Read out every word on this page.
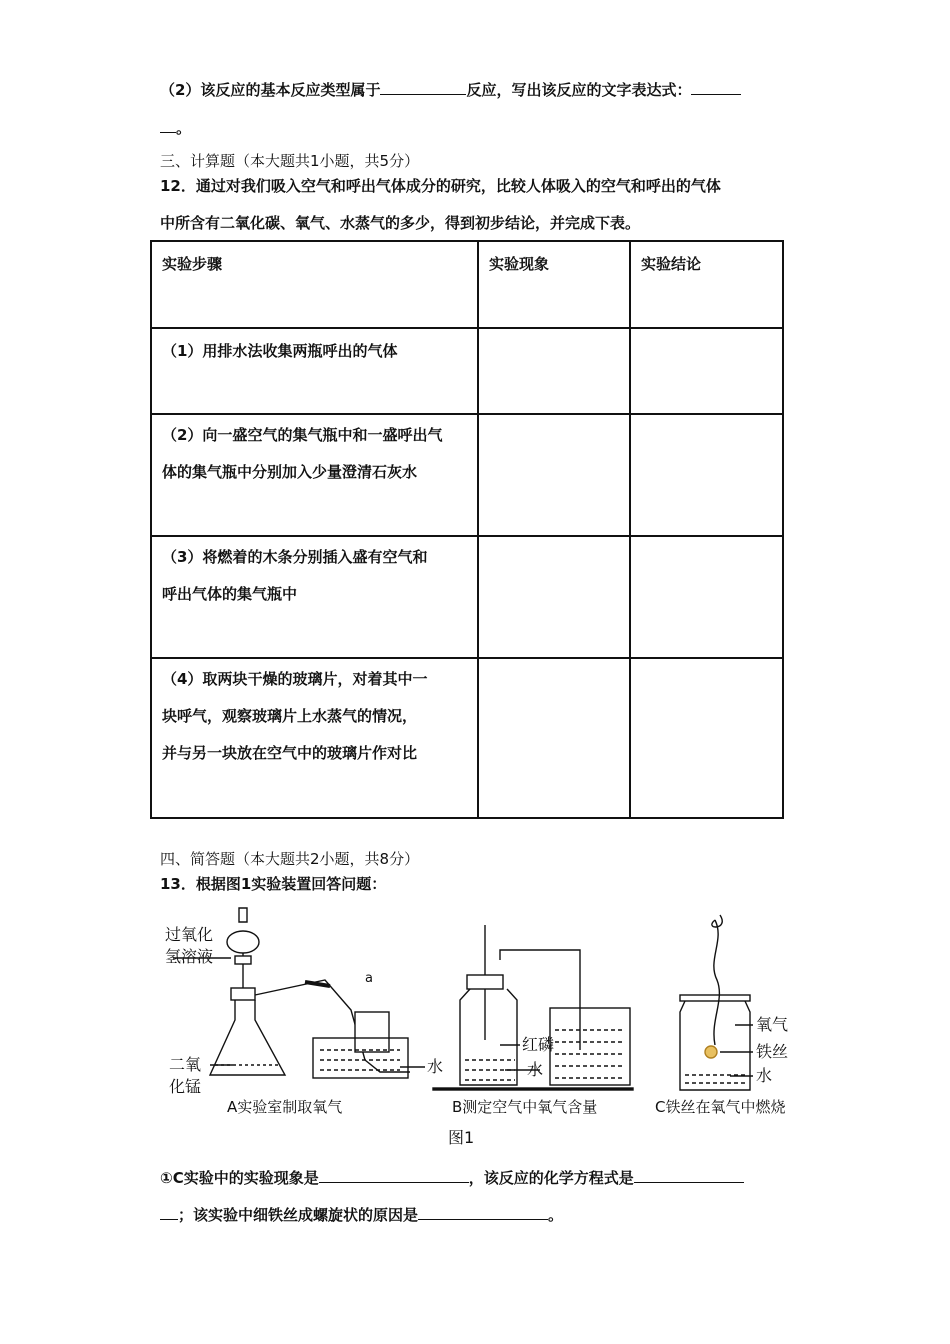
（2）该反应的基本反应类型属于	反应，写出该反应的文字表达式：
。
三、计算题（本大题共1小题，共5分）
12．通过对我们吸入空气和呼出气体成分的研究，比较人体吸入的空气和呼出的气体
中所含有二氧化碳、氧气、水蒸气的多少，得到初步结论，并完成下表。
实验步骤	实验现象	实验结论

（1）用排水法收集两瓶呼出的气体		

（2）向一盛空气的集气瓶中和一盛呼出气
体的集气瓶中分别加入少量澄清石灰水		

（3）将燃着的木条分别插入盛有空气和
呼出气体的集气瓶中		

（4）取两块干燥的玻璃片，对着其中一
块呼气，观察玻璃片上水蒸气的情况，
并与另一块放在空气中的玻璃片作对比		

四、简答题（本大题共2小题，共8分）
13．根据图1实验装置回答问题：
过氧化
氢溶液
二氧
化锰
a
水
A实验室制取氧气
红磷
水
B测定空气中氧气含量
氧气
铁丝
水
C铁丝在氧气中燃烧
图1
①C实验中的实验现象是	，该反应的化学方程式是
；该实验中细铁丝成螺旋状的原因是	。
